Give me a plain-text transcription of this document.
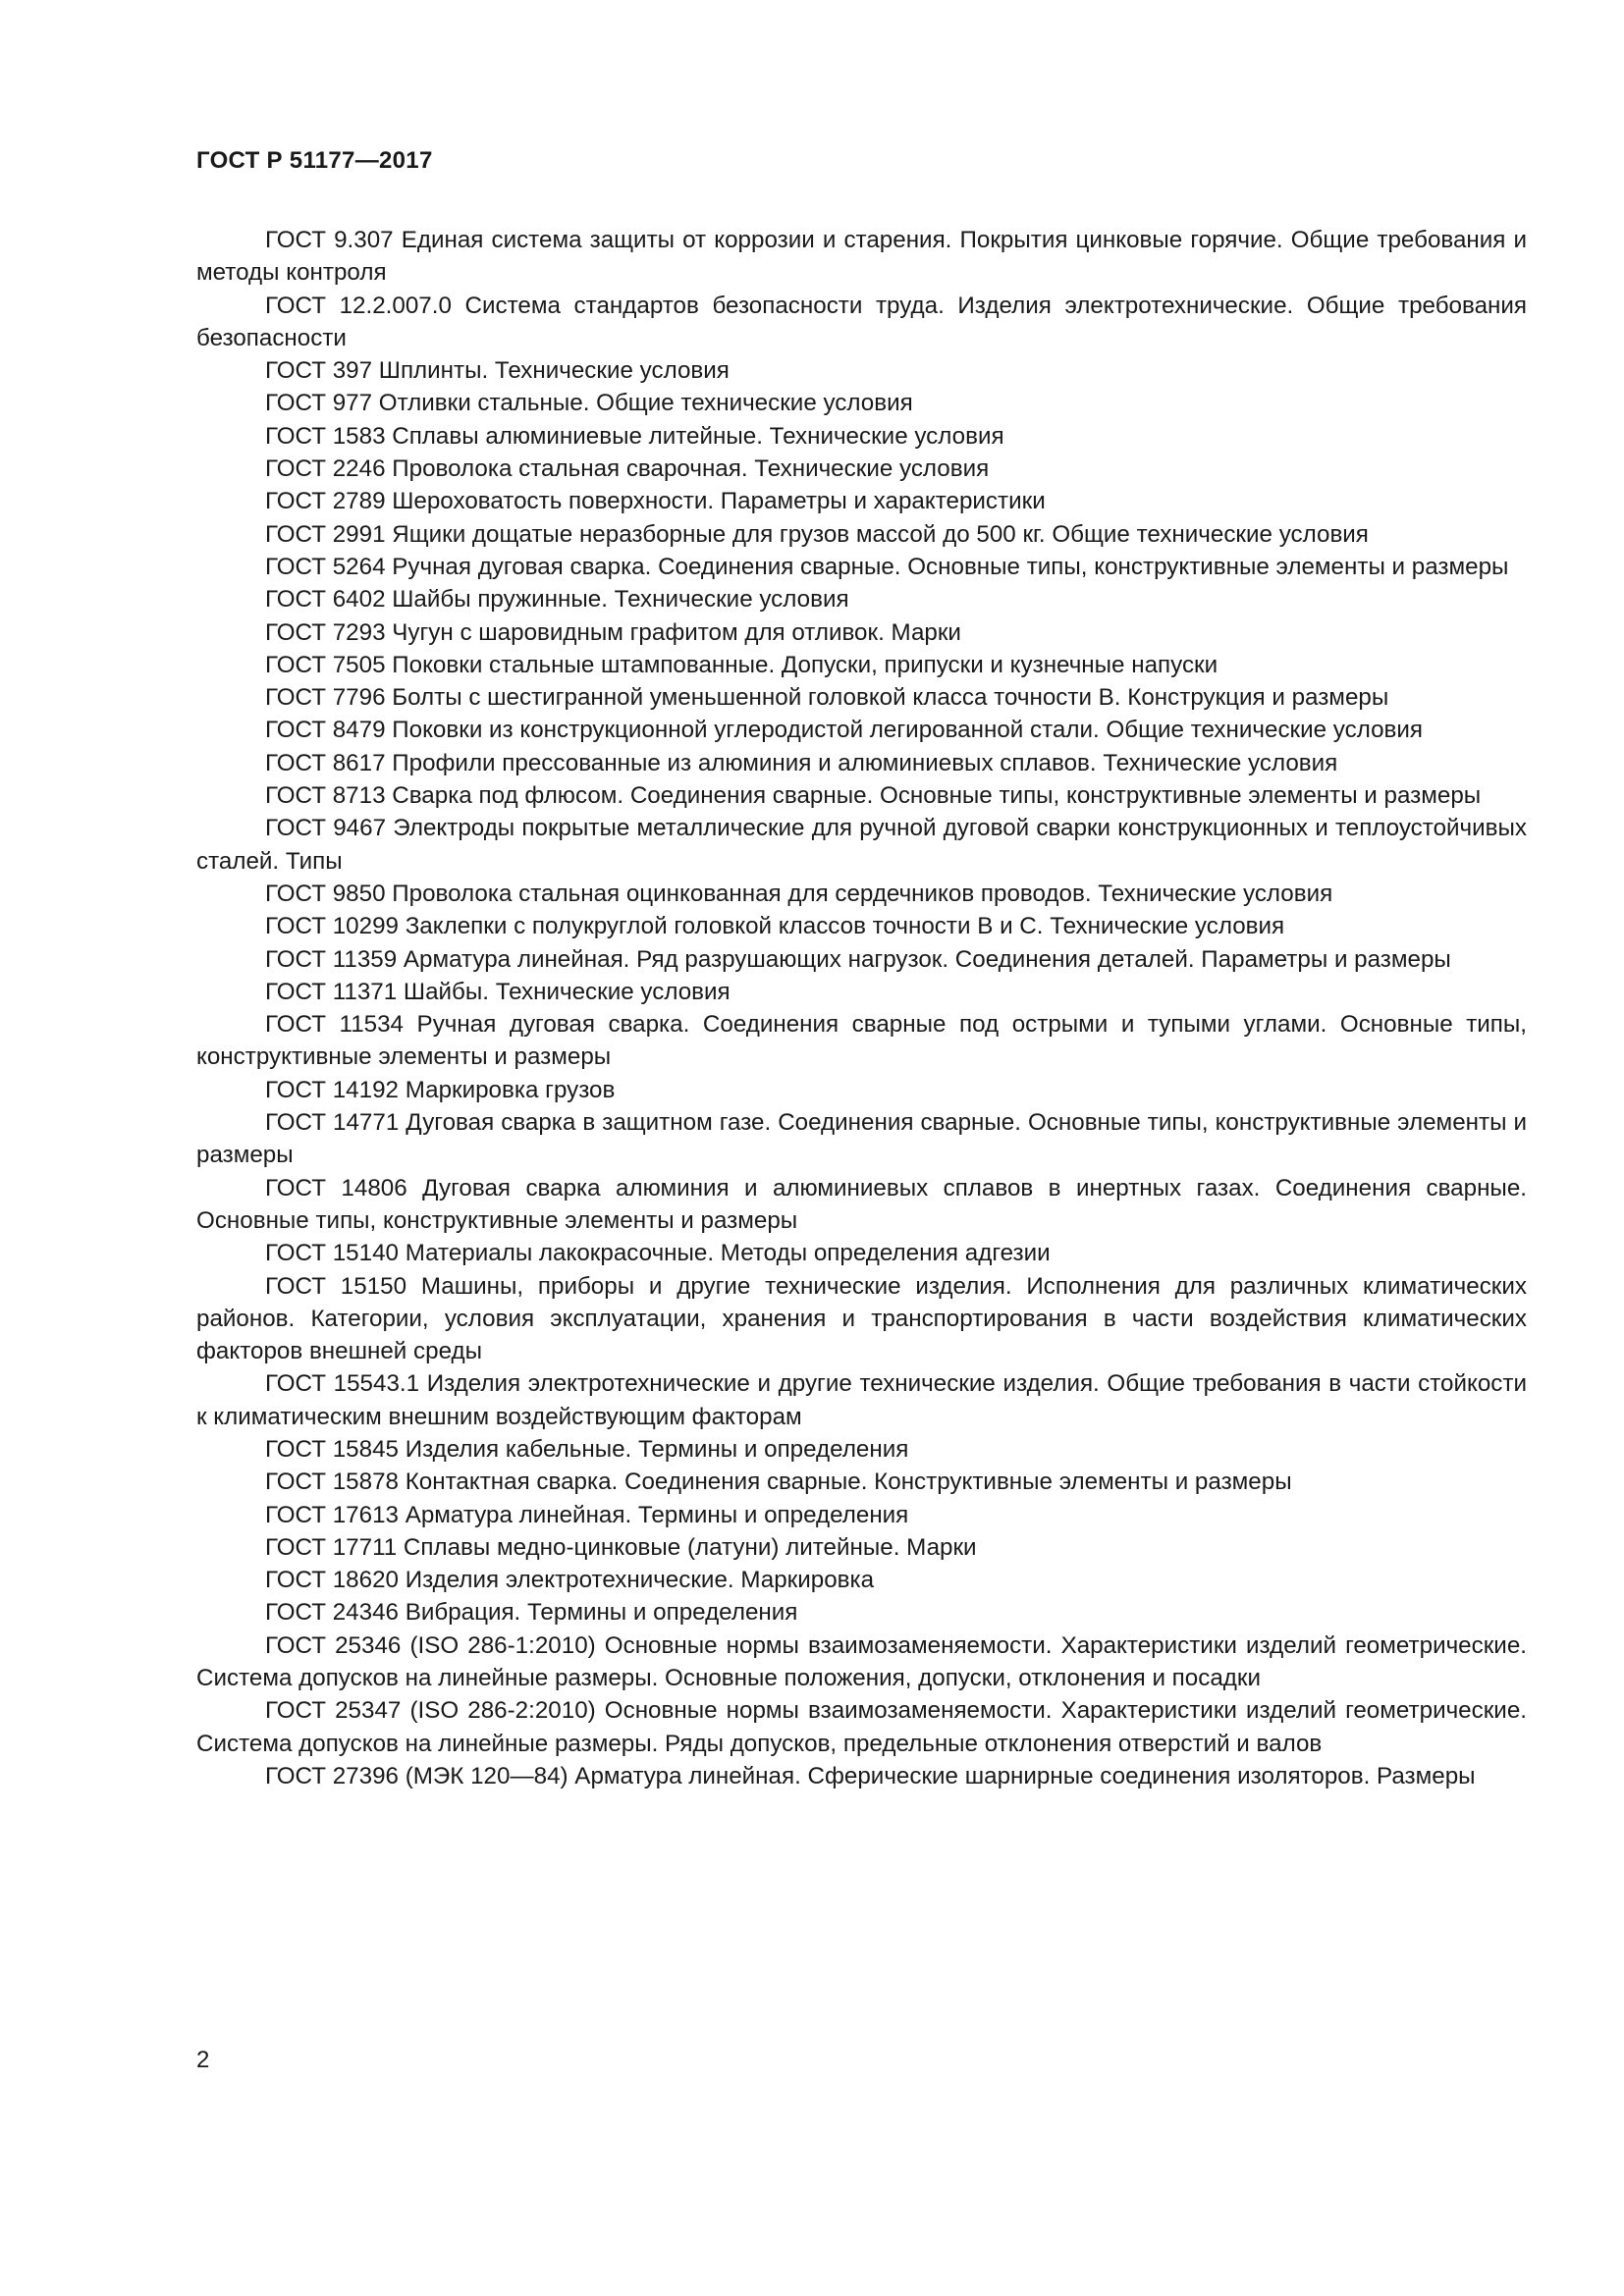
ГОСТ Р 51177—2017

ГОСТ 9.307 Единая система защиты от коррозии и старения. Покрытия цинковые горячие. Общие требования и методы контроля

ГОСТ 12.2.007.0 Система стандартов безопасности труда. Изделия электротехнические. Общие требования безопасности

ГОСТ 397 Шплинты. Технические условия

ГОСТ 977 Отливки стальные. Общие технические условия

ГОСТ 1583 Сплавы алюминиевые литейные. Технические условия

ГОСТ 2246 Проволока стальная сварочная. Технические условия

ГОСТ 2789 Шероховатость поверхности. Параметры и характеристики

ГОСТ 2991 Ящики дощатые неразборные для грузов массой до 500 кг. Общие технические условия

ГОСТ 5264 Ручная дуговая сварка. Соединения сварные. Основные типы, конструктивные элементы и размеры

ГОСТ 6402 Шайбы пружинные. Технические условия

ГОСТ 7293 Чугун с шаровидным графитом для отливок. Марки

ГОСТ 7505 Поковки стальные штампованные. Допуски, припуски и кузнечные напуски

ГОСТ 7796 Болты с шестигранной уменьшенной головкой класса точности В. Конструкция и размеры

ГОСТ 8479 Поковки из конструкционной углеродистой легированной стали. Общие технические условия

ГОСТ 8617 Профили прессованные из алюминия и алюминиевых сплавов. Технические условия

ГОСТ 8713 Сварка под флюсом. Соединения сварные. Основные типы, конструктивные элементы и размеры

ГОСТ 9467 Электроды покрытые металлические для ручной дуговой сварки конструкционных и теплоустойчивых сталей. Типы

ГОСТ 9850 Проволока стальная оцинкованная для сердечников проводов. Технические условия

ГОСТ 10299 Заклепки с полукруглой головкой классов точности В и С. Технические условия

ГОСТ 11359 Арматура линейная. Ряд разрушающих нагрузок. Соединения деталей. Параметры и размеры

ГОСТ 11371 Шайбы. Технические условия

ГОСТ 11534 Ручная дуговая сварка. Соединения сварные под острыми и тупыми углами. Основные типы, конструктивные элементы и размеры

ГОСТ 14192 Маркировка грузов

ГОСТ 14771 Дуговая сварка в защитном газе. Соединения сварные. Основные типы, конструктивные элементы и размеры

ГОСТ 14806 Дуговая сварка алюминия и алюминиевых сплавов в инертных газах. Соединения сварные. Основные типы, конструктивные элементы и размеры

ГОСТ 15140 Материалы лакокрасочные. Методы определения адгезии

ГОСТ 15150 Машины, приборы и другие технические изделия. Исполнения для различных климатических районов. Категории, условия эксплуатации, хранения и транспортирования в части воздействия климатических факторов внешней среды

ГОСТ 15543.1 Изделия электротехнические и другие технические изделия. Общие требования в части стойкости к климатическим внешним воздействующим факторам

ГОСТ 15845 Изделия кабельные. Термины и определения

ГОСТ 15878 Контактная сварка. Соединения сварные. Конструктивные элементы и размеры

ГОСТ 17613 Арматура линейная. Термины и определения

ГОСТ 17711 Сплавы медно-цинковые (латуни) литейные. Марки

ГОСТ 18620 Изделия электротехнические. Маркировка

ГОСТ 24346 Вибрация. Термины и определения

ГОСТ 25346 (ISO 286-1:2010) Основные нормы взаимозаменяемости. Характеристики изделий геометрические. Система допусков на линейные размеры. Основные положения, допуски, отклонения и посадки

ГОСТ 25347 (ISO 286-2:2010) Основные нормы взаимозаменяемости. Характеристики изделий геометрические. Система допусков на линейные размеры. Ряды допусков, предельные отклонения отверстий и валов

ГОСТ 27396 (МЭК 120—84) Арматура линейная. Сферические шарнирные соединения изоляторов. Размеры

2
